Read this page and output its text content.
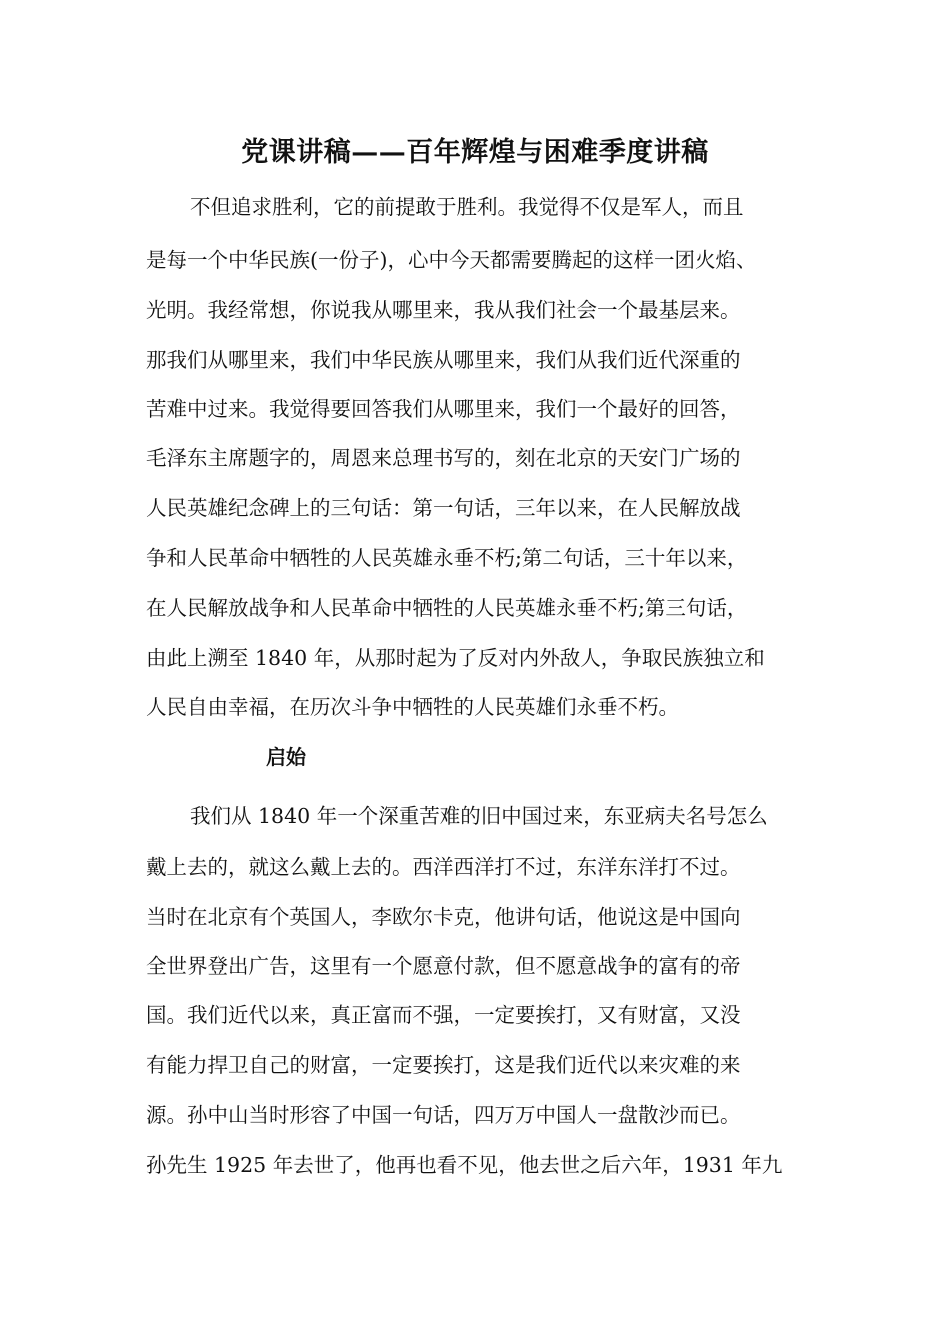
党课讲稿——百年辉煌与困难季度讲稿
不但追求胜利，它的前提敢于胜利。我觉得不仅是军人，而且
是每一个中华民族(一份子)，心中今天都需要腾起的这样一团火焰、
光明。我经常想，你说我从哪里来，我从我们社会一个最基层来。
那我们从哪里来，我们中华民族从哪里来，我们从我们近代深重的
苦难中过来。我觉得要回答我们从哪里来，我们一个最好的回答，
毛泽东主席题字的，周恩来总理书写的，刻在北京的天安门广场的
人民英雄纪念碑上的三句话：第一句话，三年以来，在人民解放战
争和人民革命中牺牲的人民英雄永垂不朽;第二句话，三十年以来，
在人民解放战争和人民革命中牺牲的人民英雄永垂不朽;第三句话，
由此上溯至 1840 年，从那时起为了反对内外敌人，争取民族独立和
人民自由幸福，在历次斗争中牺牲的人民英雄们永垂不朽。
启始
我们从 1840 年一个深重苦难的旧中国过来，东亚病夫名号怎么
戴上去的，就这么戴上去的。西洋西洋打不过，东洋东洋打不过。
当时在北京有个英国人，李欧尔卡克，他讲句话，他说这是中国向
全世界登出广告，这里有一个愿意付款，但不愿意战争的富有的帝
国。我们近代以来，真正富而不强，一定要挨打，又有财富，又没
有能力捍卫自己的财富，一定要挨打，这是我们近代以来灾难的来
源。孙中山当时形容了中国一句话，四万万中国人一盘散沙而已。
孙先生 1925 年去世了，他再也看不见，他去世之后六年，1931 年九
